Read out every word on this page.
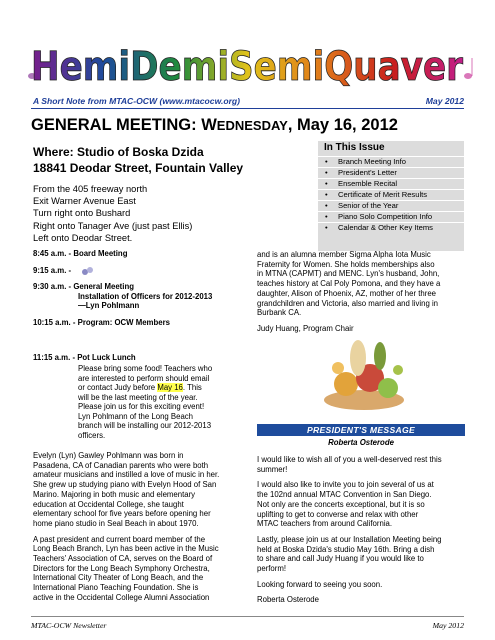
HemiDemiSemiQuaver
A Short Note from MTAC-OCW (www.mtacocw.org)	May 2012
GENERAL MEETING: WEDNESDAY, May 16, 2012
Where: Studio of Boska Dzida
18841 Deodar Street, Fountain Valley
From the 405 freeway north
Exit Warner Avenue East
Turn right onto Bushard
Right onto Tanager Ave (just past Ellis)
Left onto Deodar Street.
In This Issue
• Branch Meeting Info
• President's Letter
• Ensemble Recital
• Certificate of Merit Results
• Senior of the Year
• Piano Solo Competition Info
• Calendar & Other Key Items
8:45 a.m. - Board Meeting
9:15 a.m. -
9:30 a.m. - General Meeting
Installation of Officers for 2012-2013
—Lyn Pohlmann
10:15 a.m. - Program: OCW Members
11:15 a.m. - Pot Luck Lunch
Please bring some food! Teachers who
are interested to perform should email
or contact Judy before May 16. This
will be the last meeting of the year.
Please join us for this exciting event!
Lyn Pohlmann of the Long Beach
branch will be installing our 2012-2013
officers.

Evelyn (Lyn) Gawley Pohlmann was born in
Pasadena, CA of Canadian parents who were both
amateur musicians and instilled a love of music in her.
She grew up studying piano with Evelyn Hood of San
Marino. Majoring in both music and elementary
education at Occidental College, she taught
elementary school for five years before opening her
home piano studio in Seal Beach in about 1970.

A past president and current board member of the
Long Beach Branch, Lyn has been active in the Music
Teachers' Association of CA, serves on the Board of
Directors for the Long Beach Symphony Orchestra,
International City Theater of Long Beach, and the
International Piano Teaching Foundation. She is
active in the Occidental College Alumni Association

and is an alumna member Sigma Alpha Iota Music
Fraternity for Women. She holds memberships also
in MTNA (CAPMT) and MENC. Lyn's husband, John,
teaches history at Cal Poly Pomona, and they have a
daughter, Alison of Phoenix, AZ, mother of her three
grandchildren and Victoria, also married and living in
Burbank CA.

Judy Huang, Program Chair

PRESIDENT'S MESSAGE
Roberta Osterode

I would like to wish all of you a well-deserved rest this
summer!

I would also like to invite you to join several of us at
the 102nd annual MTAC Convention in San Diego.
Not only are the concerts exceptional, but it is so
uplifting to get to converse and relax with other
MTAC teachers from around California.

Lastly, please join us at our Installation Meeting being
held at Boska Dzida's studio May 16th. Bring a dish
to share and call Judy Huang if you would like to
perform!

Looking forward to seeing you soon.

Roberta Osterode

MTAC-OCW Newsletter	May 2012
